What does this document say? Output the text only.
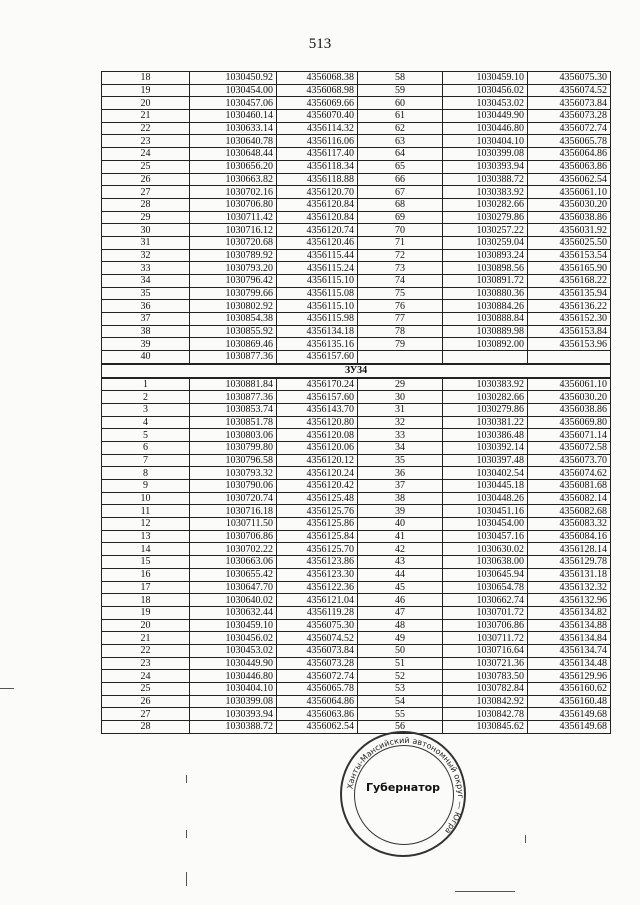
513
18	1030450.92	4356068.38	58	1030459.10	4356075.30
19	1030454.00	4356068.98	59	1030456.02	4356074.52
20	1030457.06	4356069.66	60	1030453.02	4356073.84
21	1030460.14	4356070.40	61	1030449.90	4356073.28
22	1030633.14	4356114.32	62	1030446.80	4356072.74
23	1030640.78	4356116.06	63	1030404.10	4356065.78
24	1030648.44	4356117.40	64	1030399.08	4356064.86
25	1030656.20	4356118.34	65	1030393.94	4356063.86
26	1030663.82	4356118.88	66	1030388.72	4356062.54
27	1030702.16	4356120.70	67	1030383.92	4356061.10
28	1030706.80	4356120.84	68	1030282.66	4356030.20
29	1030711.42	4356120.84	69	1030279.86	4356038.86
30	1030716.12	4356120.74	70	1030257.22	4356031.92
31	1030720.68	4356120.46	71	1030259.04	4356025.50
32	1030789.92	4356115.44	72	1030893.24	4356153.54
33	1030793.20	4356115.24	73	1030898.56	4356165.90
34	1030796.42	4356115.10	74	1030891.72	4356168.22
35	1030799.66	4356115.08	75	1030880.36	4356135.94
36	1030802.92	4356115.10	76	1030884.26	4356136.22
37	1030854.38	4356115.98	77	1030888.84	4356152.30
38	1030855.92	4356134.18	78	1030889.98	4356153.84
39	1030869.46	4356135.16	79	1030892.00	4356153.96
40	1030877.36	4356157.60			
ЗУ34					
1	1030881.84	4356170.24	29	1030383.92	4356061.10
2	1030877.36	4356157.60	30	1030282.66	4356030.20
3	1030853.74	4356143.70	31	1030279.86	4356038.86
4	1030851.78	4356120.80	32	1030381.22	4356069.80
5	1030803.06	4356120.08	33	1030386.48	4356071.14
6	1030799.80	4356120.06	34	1030392.14	4356072.58
7	1030796.58	4356120.12	35	1030397.48	4356073.70
8	1030793.32	4356120.24	36	1030402.54	4356074.62
9	1030790.06	4356120.42	37	1030445.18	4356081.68
10	1030720.74	4356125.48	38	1030448.26	4356082.14
11	1030716.18	4356125.76	39	1030451.16	4356082.68
12	1030711.50	4356125.86	40	1030454.00	4356083.32
13	1030706.86	4356125.84	41	1030457.16	4356084.16
14	1030702.22	4356125.70	42	1030630.02	4356128.14
15	1030663.06	4356123.86	43	1030638.00	4356129.78
16	1030655.42	4356123.30	44	1030645.94	4356131.18
17	1030647.70	4356122.36	45	1030654.78	4356132.32
18	1030640.02	4356121.04	46	1030662.74	4356132.96
19	1030632.44	4356119.28	47	1030701.72	4356134.82
20	1030459.10	4356075.30	48	1030706.86	4356134.88
21	1030456.02	4356074.52	49	1030711.72	4356134.84
22	1030453.02	4356073.84	50	1030716.64	4356134.74
23	1030449.90	4356073.28	51	1030721.36	4356134.48
24	1030446.80	4356072.74	52	1030783.50	4356129.96
25	1030404.10	4356065.78	53	1030782.84	4356160.62
26	1030399.08	4356064.86	54	1030842.92	4356160.48
27	1030393.94	4356063.86	55	1030842.78	4356149.68
28	1030388.72	4356062.54	56	1030845.62	4356149.68
Ханты-Мансийский автономный округ — Югра
Губернатор
